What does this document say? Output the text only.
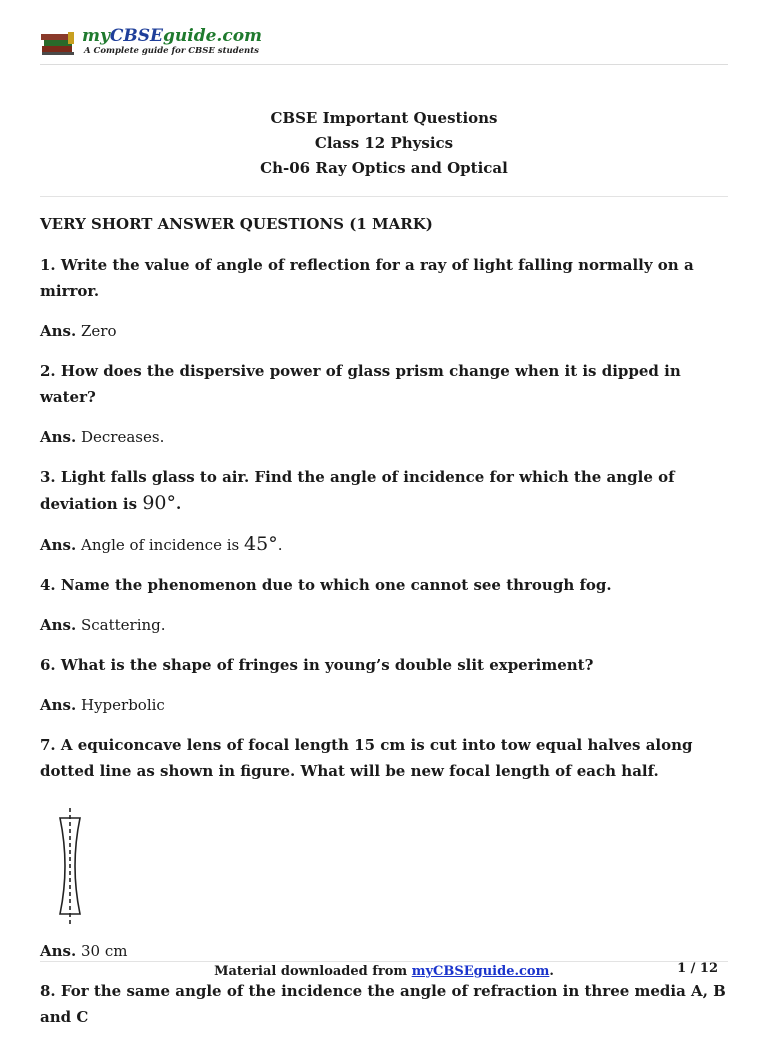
myCBSEguide.com
A Complete guide for CBSE students
CBSE Important Questions
Class 12 Physics
Ch-06 Ray Optics and Optical
VERY SHORT ANSWER QUESTIONS (1 MARK)
1. Write the value of angle of reflection for a ray of light falling normally on a mirror.
Ans. Zero
2. How does the dispersive power of glass prism change when it is dipped in water?
Ans. Decreases.
3. Light falls glass to air. Find the angle of incidence for which the angle of deviation is 90°.
Ans. Angle of incidence is 45°.
4. Name the phenomenon due to which one cannot see through fog.
Ans. Scattering.
6. What is the shape of fringes in young’s double slit experiment?
Ans. Hyperbolic
7. A equiconcave lens of focal length 15 cm is cut into tow equal halves along dotted line as shown in figure. What will be new focal length of each half.
Ans. 30 cm
8. For the same angle of the incidence the angle of refraction in three media A, B and C
Material downloaded from myCBSEguide.com.	1 / 12
